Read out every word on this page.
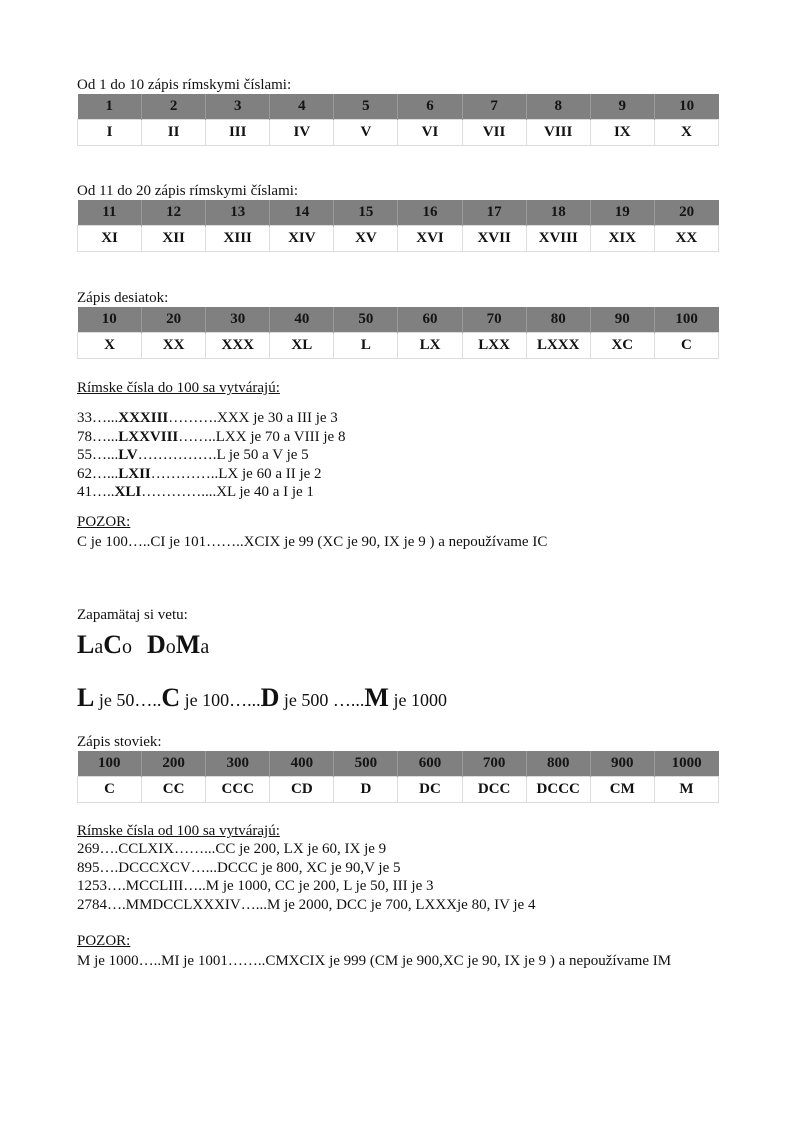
Od 1 do 10 zápis rímskymi číslami:
1	2	3	4	5	6	7	8	9	10
I	II	III	IV	V	VI	VII	VIII	IX	X
Od 11 do 20 zápis rímskymi číslami:
11	12	13	14	15	16	17	18	19	20
XI	XII	XIII	XIV	XV	XVI	XVII	XVIII	XIX	XX
Zápis desiatok:
10	20	30	40	50	60	70	80	90	100
X	XX	XXX	XL	L	LX	LXX	LXXX	XC	C
Rímske čísla do 100 sa vytvárajú:
33…...XXXIII……….XXX je 30 a III je 3
78…...LXXVIII……..LXX je 70 a VIII je 8
55…...LV…………….L je 50 a V je 5
62…...LXII…………..LX je 60 a II je 2
41…..XLI…………....XL je 40 a I je 1
POZOR:
C je 100…..CI je 101……..XCIX je 99 (XC je 90, IX je 9 ) a nepoužívame IC
Zapamätaj si vetu:
LaCo DoMa
L je 50…..C je 100…...D je 500 …...M je 1000
Zápis stoviek:
100	200	300	400	500	600	700	800	900	1000
C	CC	CCC	CD	D	DC	DCC	DCCC	CM	M
Rímske čísla od 100 sa vytvárajú:
269….CCLXIX……...CC je 200, LX je 60, IX je 9
895….DCCCXCV…...DCCC je 800, XC je 90,V je 5
1253….MCCLIII…..M je 1000, CC je 200, L je 50, III je 3
2784….MMDCCLXXXIV…...M je 2000, DCC je 700, LXXXje 80, IV je 4
POZOR:
M je 1000…..MI je 1001……..CMXCIX je 999 (CM je 900,XC je 90, IX je 9 ) a nepoužívame IM
